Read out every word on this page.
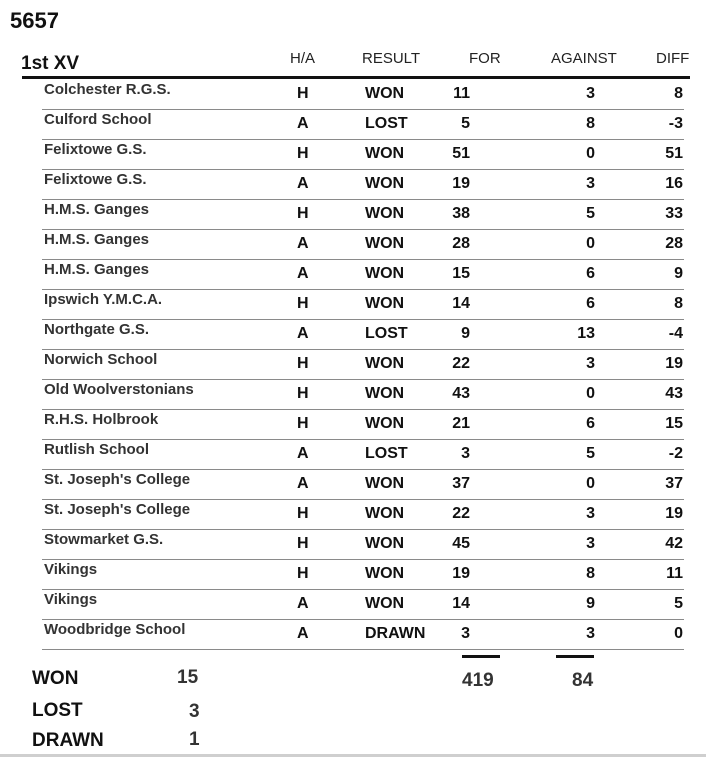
5657
1st XV	H/A	RESULT	FOR	AGAINST	DIFF
Colchester R.G.S.	H	WON	11	3	8
Culford School	A	LOST	5	8	-3
Felixtowe G.S.	H	WON	51	0	51
Felixtowe G.S.	A	WON	19	3	16
H.M.S. Ganges	H	WON	38	5	33
H.M.S. Ganges	A	WON	28	0	28
H.M.S. Ganges	A	WON	15	6	9
Ipswich Y.M.C.A.	H	WON	14	6	8
Northgate G.S.	A	LOST	9	13	-4
Norwich School	H	WON	22	3	19
Old Woolverstonians	H	WON	43	0	43
R.H.S. Holbrook	H	WON	21	6	15
Rutlish School	A	LOST	3	5	-2
St. Joseph's College	A	WON	37	0	37
St. Joseph's College	H	WON	22	3	19
Stowmarket G.S.	H	WON	45	3	42
Vikings	H	WON	19	8	11
Vikings	A	WON	14	9	5
Woodbridge School	A	DRAWN 3	3	0
419	84
WON	15
LOST	3
DRAWN	1
